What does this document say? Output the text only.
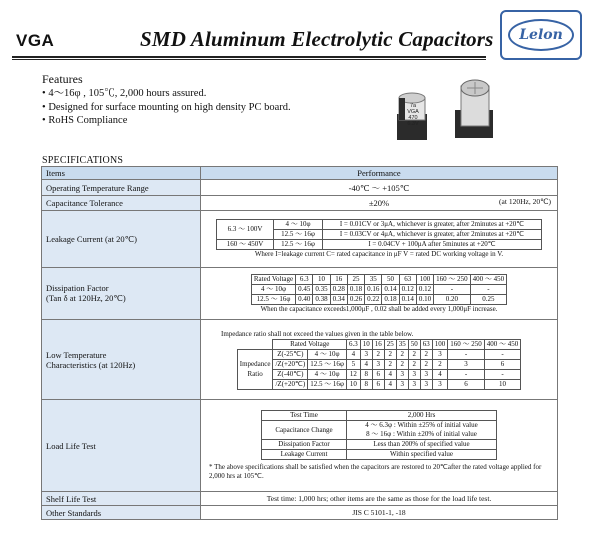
VGA	SMD Aluminum Electrolytic Capacitors Lelon
Features
• 4～16φ , 105℃, 2,000 hours assured.
• Designed for surface mounting on high density PC board.
• RoHS Compliance
7a
VGA
470
6.3V
SPECIFICATIONS
Items	Performance
Operating Temperature Range	-40℃ ～ +105℃
Capacitance Tolerance	±20%	(at 120Hz, 20℃)

Leakage Current (at 20℃)	
6.3 ～ 100V	4 ～ 10φ	I = 0.01CV or 3μA, whichever is greater, after 2minutes at +20℃
12.5 ～ 16φ	I = 0.03CV or 4μA, whichever is greater, after 2minutes at +20℃
160 ～ 450V	12.5 ～ 16φ	I = 0.04CV + 100μA after 5minutes at +20℃
Where I=leakage current C= rated capacitance in μF V = rated DC working voltage in V.

Dissipation Factor
(Tan δ at 120Hz, 20℃)

Rated Voltage	6.3	10	16	25	35	50	63	100	160 ～ 250	400 ～ 450
4 ～ 10φ	0.45	0.35	0.28	0.18	0.16	0.14	0.12	0.12	-	-
12.5 ～ 16φ	0.40	0.38	0.34	0.26	0.22	0.18	0.14	0.10	0.20	0.25
When the capacitance exceeds1,000μF , 0.02 shall be added every 1,000μF increase.

Low Temperature
Characteristics (at 120Hz)

Impedance ratio shall not exceed the values given in the table below.
	Rated Voltage	6.3	10	16	25	35	50	63	100	160 ～ 250	400 ～ 450

Impedance
Ratio
	Z(-25℃)	4 ～ 10φ	4	3	2	2	2	2	2	3	-	-
/Z(+20℃)	12.5 ～ 16φ	5	4	3	2	2	2	2	2	3	6
Z(-40℃)	4 ～ 10φ	12	8	6	4	3	3	3	4	-	-
/Z(+20℃)	12.5 ～ 16φ	10	8	6	4	3	3	3	3	6	10

Load Life Test	
Test Time	2,000 Hrs
Capacitance Change	4 ～ 6.3φ : Within ±25% of initial value
8 ～ 16φ : Within ±20% of initial value
Dissipation Factor	Less than 200% of specified value
Leakage Current	Within specified value
* The above specifications shall be satisfied when the capacitors are restored to 20℃after the rated voltage applied for 2,000 hrs at 105℃.

Shelf Life Test	Test time: 1,000 hrs; other items are the same as those for the load life test.
Other Standards	JIS C 5101-1, -18
